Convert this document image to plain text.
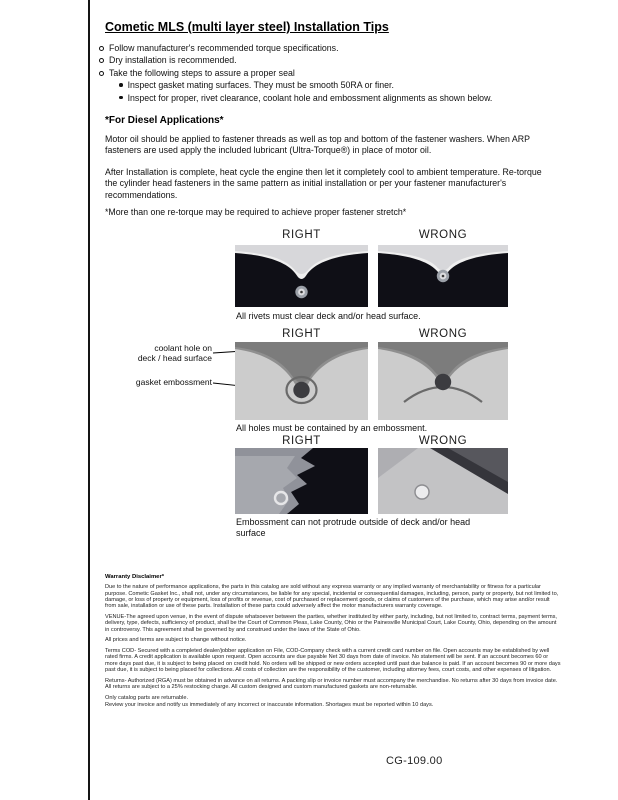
Cometic MLS (multi layer steel) Installation Tips
Follow manufacturer's recommended torque specifications.
Dry installation is recommended.
Take the following steps to assure a proper seal
Inspect gasket mating surfaces. They must be smooth 50RA or finer.
Inspect for proper, rivet clearance, coolant hole and embossment alignments as shown below.
*For Diesel Applications*

Motor oil should be applied to fastener threads as well as top and bottom of the fastener washers. When ARP fasteners are used apply the included lubricant (Ultra-Torque®) in place of motor oil.

After Installation is complete, heat cycle the engine then let it completely cool to ambient temperature. Re-torque the cylinder head fasteners in the same pattern as initial installation or per your fastener manufacturer's recommendations.

*More than one re-torque may be required to achieve proper fastener stretch*

RIGHT	WRONG
All rivets must clear deck and/or head surface.
coolant hole on
deck / head surface
gasket embossment
RIGHT	WRONG
All holes must be contained by an embossment.
RIGHT	WRONG
Embossment can not protrude outside of deck and/or head surface
Warranty Disclaimer*

Due to the nature of performance applications, the parts in this catalog are sold without any express warranty or any implied warranty of merchantability or fitness for a particular purpose. Cometic Gasket Inc., shall not, under any circumstances, be liable for any special, incidental or consequential damages, including, person, party or property, but not limited to, damage, or loss of property or equipment, loss of profits or revenue, cost of purchased or replacement goods, or claims of customers of the purchase, which may arise and/or result from sale, installation or use of these parts. Installation of these parts could adversely affect the motor manufacturers warranty coverage.

VENUE-The agreed upon venue, in the event of dispute whatsoever between the parties, whether instituted by either party, including, but not limited to, contract terms, payment terms, delivery, type, defects, sufficiency of product, shall be the Court of Common Pleas, Lake County, Ohio or the Painesville Municipal Court, Lake County, Ohio, depending on the amount in controversy. This agreement shall be governed by and construed under the laws of the State of Ohio.

All prices and terms are subject to change without notice.

Terms COD- Secured with a completed dealer/jobber application on File, COD-Company check with a current credit card number on file. Open accounts may be established by well rated firms. A credit application is available upon request. Open accounts are due payable Net 30 days from date of invoice. No statement will be sent. If an account becomes 60 or more days past due, it is subject to being placed on credit hold. No orders will be shipped or new orders accepted until past due balance is paid. If an account becomes 90 or more days past due, it is subject to being placed for collections. All costs of collection are the responsibility of the customer, including attorney fees, court costs, and other expenses of litigation.

Returns- Authorized (RGA) must be obtained in advance on all returns. A packing slip or invoice number must accompany the merchandise. No returns after 30 days from invoice date. All returns are subject to a 25% restocking charge. All custom designed and custom manufactured gaskets are non-returnable.

Only catalog parts are returnable.

Review your invoice and notify us immediately of any incorrect or inaccurate information. Shortages must be reported within 10 days.

CG-109.00
